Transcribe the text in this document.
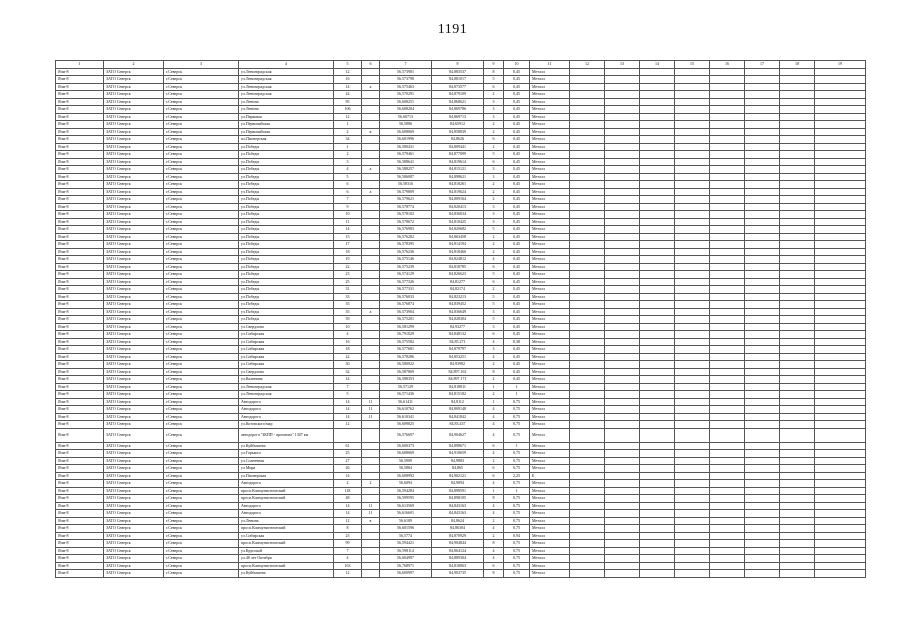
1191
1	2	3	4	5	6	7	8	9	10	11	12	13	14	15	16	17	18	19
Ячм-8	ЗАТО Северск	г.Северск	ул.Ленинградская	12		56,573981	84,883537	8	0,45	Металл								
Ячм-8	ЗАТО Северск	г.Северск	ул.Ленинградская	16		56,573798	84,881017	5	0,45	Металл								
Ячм-8	ЗАТО Северск	г.Северск	ул.Ленинградская	14	а	56,575463	84,873577	6	0,45	Металл								
Ячм-8	ЗАТО Северск	г.Северск	ул.Ленинградская	24		56,570291	84,879109	2	0,45	Металл								
Ячм-8	ЗАТО Северск	г.Северск	ул.Ленина	95		56,608251	84,868621	3	0,45	Металл								
Ячм-8	ЗАТО Северск	г.Северск	ул.Ленина	106		56,608204	84,869786	3	0,45	Металл								
Ячм-8	ЗАТО Северск	г.Северск	ул.Парковая	12		56,60713	84,869713	3	0,45	Металл								
Ячм-8	ЗАТО Северск	г.Северск	ул.Первомайская	1		56,5886	84,65912	2	0,45	Металл								
Ячм-8	ЗАТО Северск	г.Северск	ул.Первомайская	2	в	56,608069	84,858839	2	0,45	Металл								
Ячм-8	ЗАТО Северск	г.Северск	пл.Пионерская	34		56,601996	84,8626	6	0,45	Металл								
Ячм-8	ЗАТО Северск	г.Северск	ул.Победы	1		56,580431	84,809441	2	0,45	Металл								
Ячм-8	ЗАТО Северск	г.Северск	ул.Победы	2		56,579461	84,877099	5	0,45	Металл								
Ячм-8	ЗАТО Северск	г.Северск	ул.Победы	3		56,588641	84,819614	6	0,45	Металл								
Ячм-8	ЗАТО Северск	г.Северск	ул.Победы	4	а	56,588257	84,815121	3	0,45	Металл								
Ячм-8	ЗАТО Северск	г.Северск	ул.Победы	5		56,586087	84,898621	3	0,45	Металл								
Ячм-8	ЗАТО Северск	г.Северск	ул.Победы	6		56,58316	84,818261	2	0,45	Металл								
Ячм-8	ЗАТО Северск	г.Северск	ул.Победы	6	а	56,579809	84,819624	2	0,45	Металл								
Ячм-8	ЗАТО Северск	г.Северск	ул.Победы	7		56,579621	84,809164	2	0,45	Металл								
Ячм-8	ЗАТО Северск	г.Северск	ул.Победы	9		56,578774	84,820413	3	0,45	Металл								
Ячм-8	ЗАТО Северск	г.Северск	ул.Победы	10		56,578102	84,836034	3	0,45	Металл								
Ячм-8	ЗАТО Северск	г.Северск	ул.Победы	11		56,578672	84,810425	3	0,45	Металл								
Ячм-8	ЗАТО Северск	г.Северск	ул.Победы	14		56,576983	84,820682	5	0,45	Металл								
Ячм-8	ЗАТО Северск	г.Северск	ул.Победы	15		56,576282	84,863458	2	0,45	Металл								
Ячм-8	ЗАТО Северск	г.Северск	ул.Победы	17		56,578395	84,814194	2	0,45	Металл								
Ячм-8	ЗАТО Северск	г.Северск	ул.Победы	18		56,576236	84,818466	2	0,45	Металл								
Ячм-8	ЗАТО Северск	г.Северск	ул.Победы	19		56,575146	84,824812	4	0,45	Металл								
Ячм-8	ЗАТО Северск	г.Северск	ул.Победы	22		56,575239	84,818785	6	0,45	Металл								
Ячм-8	ЗАТО Северск	г.Северск	ул.Победы	23		56,574129	84,826623	5	0,45	Металл								
Ячм-8	ЗАТО Северск	г.Северск	ул.Победы	25		56,577326	84,81277	6	0,45	Металл								
Ячм-8	ЗАТО Северск	г.Северск	ул.Победы	31		56,577331	84,82174	2	0,45	Металл								
Ячм-8	ЗАТО Северск	г.Северск	ул.Победы	33		56,576033	84,823213	5	0,45	Металл								
Ячм-8	ЗАТО Северск	г.Северск	ул.Победы	35		56,576874	84,839452	5	0,45	Металл								
Ячм-8	ЗАТО Северск	г.Северск	ул.Победы	35	а	56,573904	84,836649	3	0,45	Металл								
Ячм-8	ЗАТО Северск	г.Северск	ул.Победы	39		56,575201	84,828304	5	0,45	Металл								
Ячм-8	ЗАТО Северск	г.Северск	ул.Свердлова	10		56,581299	84,93277	3	0,45	Металл								
Ячм-8	ЗАТО Северск	г.Северск	ул.Сибирская	4		56,791029	84,848132	6	0,45	Металл								
Ячм-8	ЗАТО Северск	г.Северск	ул.Сибирская	16		56,575582	84,85.271	4	0,38	Металл								
Ячм-8	ЗАТО Северск	г.Северск	ул.Сибирская	18		56,577681	84,879797	3	0,45	Металл								
Ячм-8	ЗАТО Северск	г.Северск	ул.Сибирская	22		56,578286	84,853251	4	0,45	Металл								
Ячм-8	ЗАТО Северск	г.Северск	ул.Сибирская	30		56,580922	84,93982	2	0,45	Металл								
Ячм-8	ЗАТО Северск	г.Северск	ул.Свердлова	32		56,587869	84,897.161	8	0,45	Металл								
Ячм-8	ЗАТО Северск	г.Северск	ул.Калинина	14		56,588353	84,897.171	2	0,45	Металл								
Ячм-8	ЗАТО Северск	г.Северск	ул.Ленинградская	7		56,57129	84,818811	1	1	Металл								
Ячм-8	ЗАТО Северск	г.Северск	ул.Ленинградская	5		56,571436	84,815182	2	1	Металл								
Ячм-8	ЗАТО Северск	г.Северск	Автодорога	14	11	56,61411	84,8112	1	0,75	Металл								
Ячм-8	ЗАТО Северск	г.Северск	Автодорога	14	11	56,610762	84,809148	4	0,75	Металл								
Ячм-8	ЗАТО Северск	г.Северск	Автодорога	14	11	56,610341	84,841842	4	0,75	Металл								
Ячм-8	ЗАТО Северск	г.Северск	ул.Котовского/мкр	12		56,609825	84,83.437	4	0,75	Металл								
Ячм-8	ЗАТО Северск	г.Северск	автодорога "ЗКПП - промзона" 1307 км			56,576697	84,904627	4	0,75	Металл								
Ячм-8	ЗАТО Северск	г.Северск	ул.Куйбышева	61		56,600373	84,898671	6	1	Металл								
Ячм-8	ЗАТО Северск	г.Северск	ул.Горького	25		56,608069	84,910659	4	0,75	Металл								
Ячм-8	ЗАТО Северск	г.Северск	ул.Солнечная	27		56,5909	84,9883	2	0,75	Металл								
Ячм-8	ЗАТО Северск	г.Северск	ул.Мира	26		56,5864	84,865	6	0,75	Металл								
Ячм-8	ЗАТО Северск	г.Северск	ул.Пионерская	14		56,608992	84,902121	6	2,25	Б								
Ячм-8	ЗАТО Северск	г.Северск	Автодорога	2	2	56,6094	84,9094	4	0,75	Металл								
Ячм-8	ЗАТО Северск	г.Северск	просп.Коммунистический	118		56,594284	84,898591	1	1	Металл								
Ячм-8	ЗАТО Северск	г.Северск	просп.Коммунистический	48		56,599595	84,898105	8	0,75	Металл								
Ячм-8	ЗАТО Северск	г.Северск	Автодорога	14	11	56,613569	84,843163	4	0,75	Металл								
Ячм-8	ЗАТО Северск	г.Северск	Автодорога	14	11	56,616601	84,843163	4	0,75	Металл								
Ячм-8	ЗАТО Северск	г.Северск	ул.Ленина	12	в	56,6109	84,8624	2	0,75	Металл								
Ячм-8	ЗАТО Северск	г.Северск	просп.Коммунистический	8		56,601596	84,86304	4	0,75	Металл								
Ячм-8	ЗАТО Северск	г.Северск	ул.Сибирская	23		56,5774	84,870929	2	0,94	Металл								
Ячм-8	ЗАТО Северск	г.Северск	просп.Коммунистический	99		56,594421	84,904844	8	0,75	Металл								
Ячм-8	ЗАТО Северск	г.Северск	ул.Крупской	7		56,598114	84,864124	4	0,75	Металл								
Ячм-8	ЗАТО Северск	г.Северск	ул.40 лет Октября	4		56,604997	84,889304	4	0,75	Металл								
Ячм-8	ЗАТО Северск	г.Северск	просп.Коммунистический	163		56,768971	84,818063	6	0,75	Металл								
Ячм-8	ЗАТО Северск	г.Северск	ул.Куйбышева	12		56,600997	84,903735	8	0,75	Металл								
